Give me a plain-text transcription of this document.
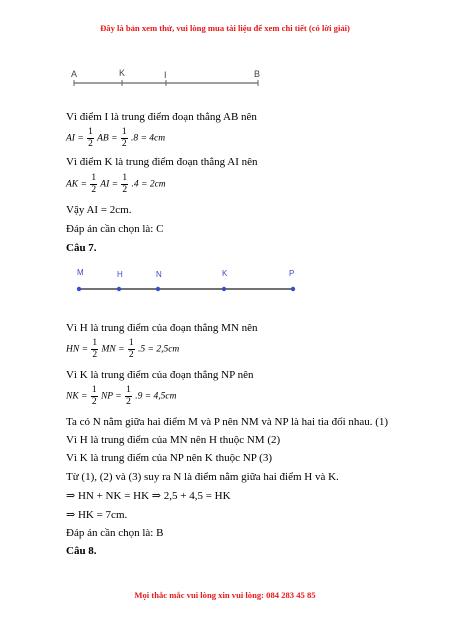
Đây là bản xem thử, vui lòng mua tài liệu để xem chi tiết (có lời giải)
A	K	I	B
Vì điểm I là trung điểm đoạn thẳng AB nên
AI = $\frac{1}{2}$ AB = $\frac{1}{2} .8 = 4cm$
Vì điểm K là trung điểm đoạn thẳng AI nên
AK = $\frac{1}{2}$ AI = $\frac{1}{2} .4 = 2cm$
Vậy AI = 2cm.
Đáp án cần chọn là: C
Câu 7.
M	H	N	K	P
Vì H là trung điểm của đoạn thẳng MN nên
HN = $\frac{1}{2}$ MN = $\frac{1}{2} .5 = 2,5cm$
Vì K là trung điểm của đoạn thẳng NP nên
NK = $\frac{1}{2}$ NP = $\frac{1}{2} .9 = 4,5cm$
Ta có N nằm giữa hai điểm M và P nên NM và NP là hai tia đối nhau. (1)
Vì H là trung điểm của MN nên H thuộc NM (2)
Vì K là trung điểm của NP nên K thuộc NP (3)
Từ (1), (2) và (3) suy ra N là điểm nằm giữa hai điểm H và K.
⇒ HN + NK = HK ⇒ 2,5 + 4,5 = HK
⇒ HK = 7cm.
Đáp án cần chọn là: B
Câu 8.
Mọi thắc mắc vui lòng xin vui lòng: 084 283 45 85
